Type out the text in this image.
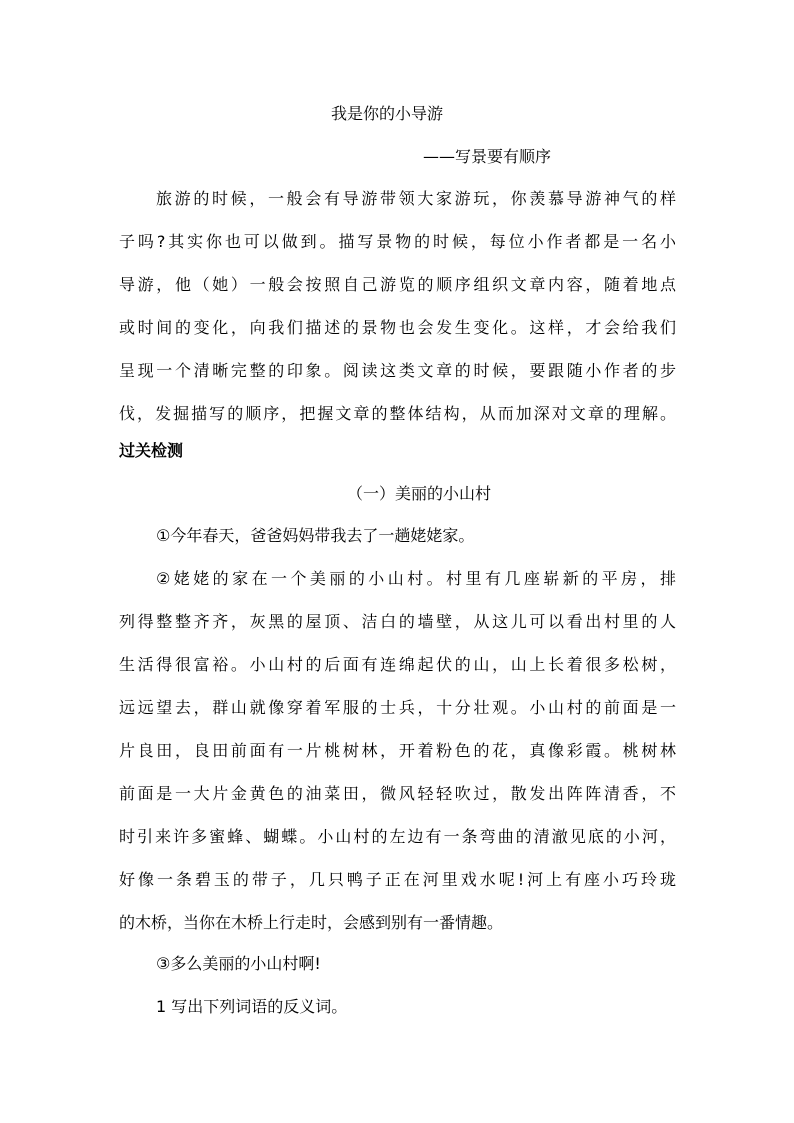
我是你的小导游
——写景要有顺序
旅游的时候，一般会有导游带领大家游玩，你羡慕导游神气的样
子吗?其实你也可以做到。描写景物的时候，每位小作者都是一名小
导游，他（她）一般会按照自己游览的顺序组织文章内容，随着地点
或时间的变化，向我们描述的景物也会发生变化。这样，才会给我们
呈现一个清晰完整的印象。阅读这类文章的时候，要跟随小作者的步
伐，发掘描写的顺序，把握文章的整体结构，从而加深对文章的理解。
过关检测
（一）美丽的小山村
①今年春天，爸爸妈妈带我去了一趟姥姥家。
②姥姥的家在一个美丽的小山村。村里有几座崭新的平房，排
列得整整齐齐，灰黑的屋顶、洁白的墙壁，从这儿可以看出村里的人
生活得很富裕。小山村的后面有连绵起伏的山，山上长着很多松树，
远远望去，群山就像穿着军服的士兵，十分壮观。小山村的前面是一
片良田，良田前面有一片桃树林，开着粉色的花，真像彩霞。桃树林
前面是一大片金黄色的油菜田，微风轻轻吹过，散发出阵阵清香，不
时引来许多蜜蜂、蝴蝶。小山村的左边有一条弯曲的清澈见底的小河，
好像一条碧玉的带子，几只鸭子正在河里戏水呢!河上有座小巧玲珑
的木桥，当你在木桥上行走时，会感到别有一番情趣。
③多么美丽的小山村啊!
1 写出下列词语的反义词。
